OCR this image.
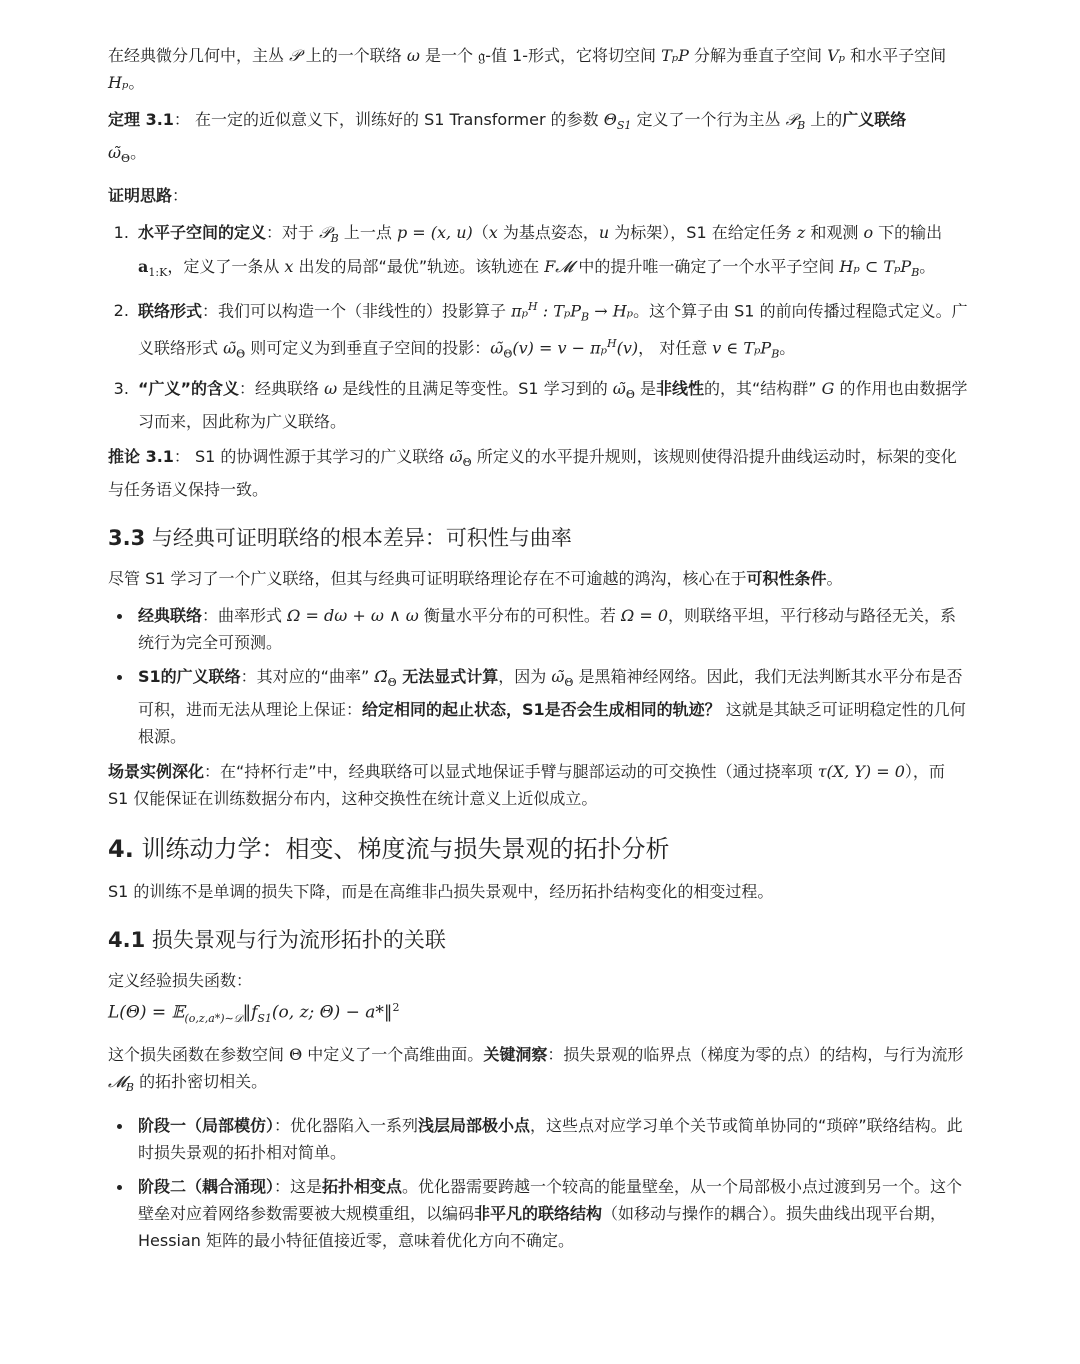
在经典微分几何中，主丛 𝒫 上的一个联络 ω 是一个 𝔤-值 1-形式，它将切空间 TₚP 分解为垂直子空间 Vₚ 和水平子空间 Hₚ。

定理 3.1： 在一定的近似意义下，训练好的 S1 Transformer 的参数 $\Theta_{S1}$ 定义了一个行为主丛 𝒫$_B$ 上的广义联络
$\omegã_\Theta$。

证明思路：

1. 水平子空间的定义：对于 𝒫$_B$ 上一点 p = (x, u)（x 为基点姿态，u 为标架），S1 在给定任务 z 和观测 o 下的输出 $a_{1:K}$，定义了一条从 x 出发的局部“最优”轨迹。该轨迹在 F𝓜 中的提升唯一确定了一个水平子空间 Hₚ ⊂ TₚP$_B$。
2. 联络形式：我们可以构造一个（非线性的）投影算子 πₚ$^H$ : TₚP$_B$ → Hₚ。这个算子由 S1 的前向传播过程隐式定义。广义联络形式 $\omegã_\Theta$ 则可定义为到垂直子空间的投影：$\omegã_\Theta(v) = v - \pi_p^H(v)$， 对任意 v ∈ TₚP$_B$。
3. “广义”的含义：经典联络 ω 是线性的且满足等变性。S1 学习到的 $\omegã_\Theta$ 是非线性的，其“结构群” G 的作用也由数据学习而来，因此称为广义联络。

推论 3.1： S1 的协调性源于其学习的广义联络 $\omegã_\Theta$ 所定义的水平提升规则，该规则使得沿提升曲线运动时，标架的变化与任务语义保持一致。

3.3 与经典可证明联络的根本差异：可积性与曲率

尽管 S1 学习了一个广义联络，但其与经典可证明联络理论存在不可逾越的鸿沟，核心在于可积性条件。

• 经典联络：曲率形式 Ω = dω + ω ∧ ω 衡量水平分布的可积性。若 Ω = 0，则联络平坦，平行移动与路径无关，系统行为完全可预测。
• S1的广义联络：其对应的“曲率” $\Omegã_\Theta$ 无法显式计算，因为 $\omegã_\Theta$ 是黑箱神经网络。因此，我们无法判断其水平分布是否可积，进而无法从理论上保证：给定相同的起止状态，S1是否会生成相同的轨迹？ 这就是其缺乏可证明稳定性的几何根源。

场景实例深化：在“持杯行走”中，经典联络可以显式地保证手臂与腿部运动的可交换性（通过挠率项 τ(X, Y) = 0），而 S1 仅能保证在训练数据分布内，这种交换性在统计意义上近似成立。

4. 训练动力学：相变、梯度流与损失景观的拓扑分析

S1 的训练不是单调的损失下降，而是在高维非凸损失景观中，经历拓扑结构变化的相变过程。

4.1 损失景观与行为流形拓扑的关联

定义经验损失函数：

$L(\Theta) = 𝔼_{(o,z,a*)\sim 𝒟}‖f_{S1}(o$, z; Θ) − a*‖$^2$

这个损失函数在参数空间 Θ 中定义了一个高维曲面。关键洞察：损失景观的临界点（梯度为零的点）的结构，与行为流形 𝓜$_B$ 的拓扑密切相关。

• 阶段一（局部模仿）：优化器陷入一系列浅层局部极小点，这些点对应学习单个关节或简单协同的“琐碎”联络结构。此时损失景观的拓扑相对简单。
• 阶段二（耦合涌现）：这是拓扑相变点。优化器需要跨越一个较高的能量壁垒，从一个局部极小点过渡到另一个。这个壁垒对应着网络参数需要被大规模重组，以编码非平凡的联络结构（如移动与操作的耦合）。损失曲线出现平台期，Hessian 矩阵的最小特征值接近零，意味着优化方向不确定。
